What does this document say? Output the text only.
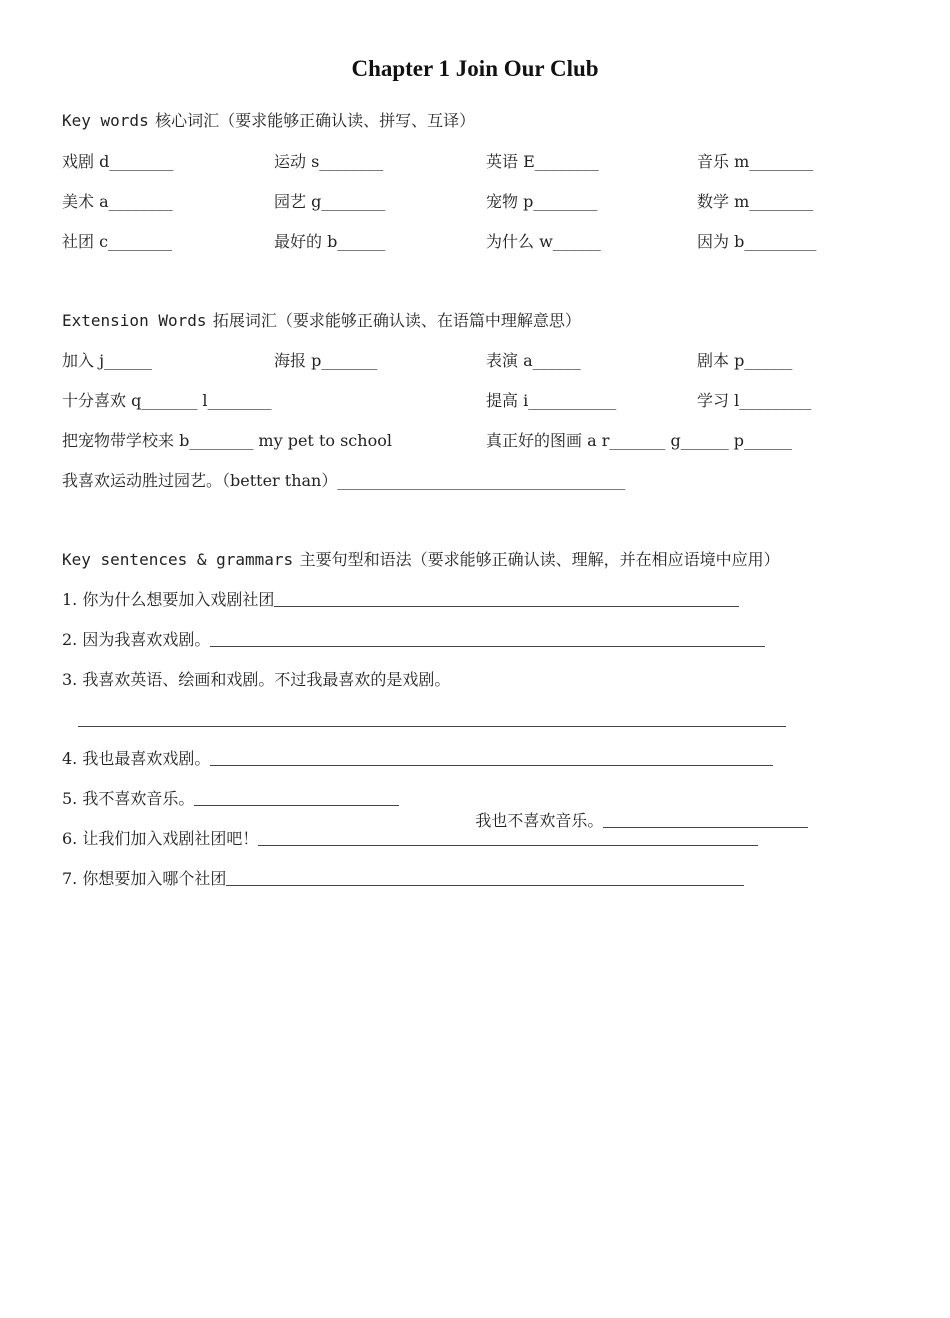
Chapter 1 Join Our Club
Key words 核心词汇（要求能够正确认读、拼写、互译）
戏剧 d________	运动 s________	英语 E________	音乐 m________
美术 a________	园艺 g________	宠物 p________	数学 m________
社团 c________	最好的 b______	为什么 w______	因为 b_________
Extension Words 拓展词汇（要求能够正确认读、在语篇中理解意思）
加入 j______	海报 p_______	表演 a______	剧本 p______
十分喜欢 q_______ l________	提高 i___________	学习 l_________
把宠物带学校来 b________ my pet to school	真正好的图画 a r_______ g______ p______
我喜欢运动胜过园艺。（better than）____________________________________
Key sentences & grammars 主要句型和语法（要求能够正确认读、理解，并在相应语境中应用）
1. 你为什么想要加入戏剧社团
2. 因为我喜欢戏剧。
3. 我喜欢英语、绘画和戏剧。不过我最喜欢的是戏剧。
4. 我也最喜欢戏剧。
5. 我不喜欢音乐。

我也不喜欢音乐。

6. 让我们加入戏剧社团吧！
7. 你想要加入哪个社团
